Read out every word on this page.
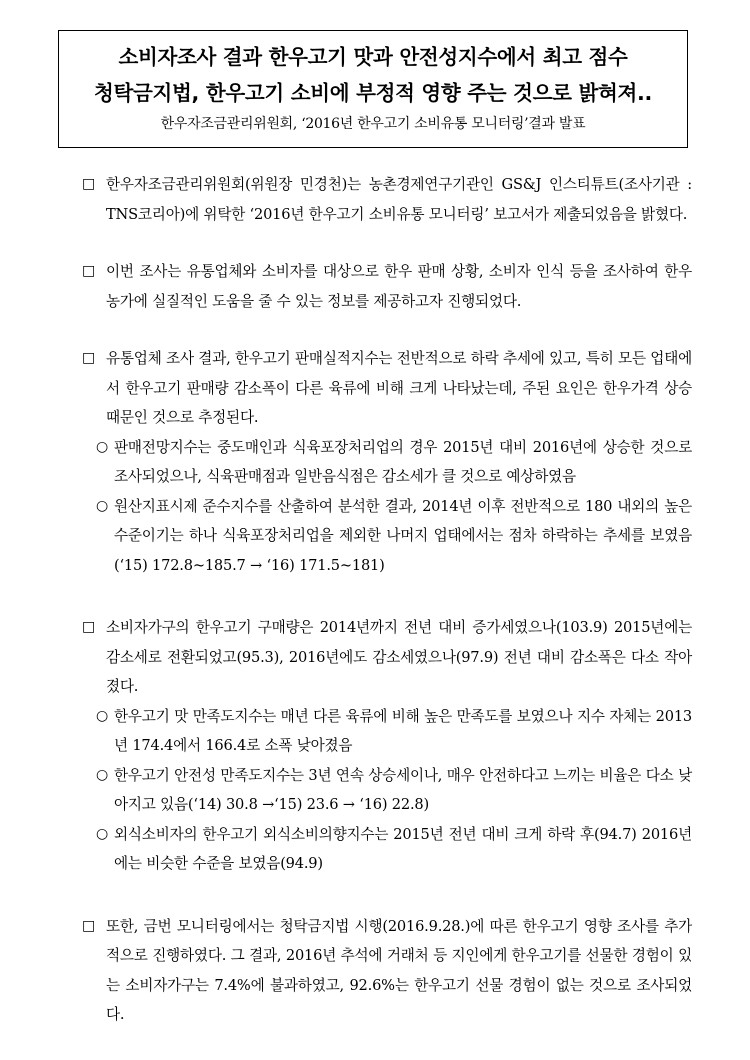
소비자조사 결과 한우고기 맛과 안전성지수에서 최고 점수
청탁금지법, 한우고기 소비에 부정적 영향 주는 것으로 밝혀져..
한우자조금관리위원회, ‘2016년 한우고기 소비유통 모니터링’결과 발표
□ 한우자조금관리위원회(위원장 민경천)는 농촌경제연구기관인 GS&J 인스티튜트(조사기관 : TNS코리아)에 위탁한 ‘2016년 한우고기 소비유통 모니터링’ 보고서가 제출되었음을 밝혔다.
□ 이번 조사는 유통업체와 소비자를 대상으로 한우 판매 상황, 소비자 인식 등을 조사하여 한우 농가에 실질적인 도움을 줄 수 있는 정보를 제공하고자 진행되었다.
□ 유통업체 조사 결과, 한우고기 판매실적지수는 전반적으로 하락 추세에 있고, 특히 모든 업태에서 한우고기 판매량 감소폭이 다른 육류에 비해 크게 나타났는데, 주된 요인은 한우가격 상승 때문인 것으로 추정된다.
○ 판매전망지수는 중도매인과 식육포장처리업의 경우 2015년 대비 2016년에 상승한 것으로 조사되었으나, 식육판매점과 일반음식점은 감소세가 클 것으로 예상하였음
○ 원산지표시제 준수지수를 산출하여 분석한 결과, 2014년 이후 전반적으로 180 내외의 높은 수준이기는 하나 식육포장처리업을 제외한 나머지 업태에서는 점차 하락하는 추세를 보였음(‘15) 172.8~185.7 → ‘16) 171.5~181)
□ 소비자가구의 한우고기 구매량은 2014년까지 전년 대비 증가세였으나(103.9) 2015년에는 감소세로 전환되었고(95.3), 2016년에도 감소세였으나(97.9) 전년 대비 감소폭은 다소 작아졌다.
○ 한우고기 맛 만족도지수는 매년 다른 육류에 비해 높은 만족도를 보였으나 지수 자체는 2013년 174.4에서 166.4로 소폭 낮아졌음
○ 한우고기 안전성 만족도지수는 3년 연속 상승세이나, 매우 안전하다고 느끼는 비율은 다소 낮아지고 있음(‘14) 30.8 →‘15) 23.6 → ‘16) 22.8)
○ 외식소비자의 한우고기 외식소비의향지수는 2015년 전년 대비 크게 하락 후(94.7) 2016년에는 비슷한 수준을 보였음(94.9)
□ 또한, 금번 모니터링에서는 청탁금지법 시행(2016.9.28.)에 따른 한우고기 영향 조사를 추가적으로 진행하였다. 그 결과, 2016년 추석에 거래처 등 지인에게 한우고기를 선물한 경험이 있는 소비자가구는 7.4%에 불과하였고, 92.6%는 한우고기 선물 경험이 없는 것으로 조사되었다.
